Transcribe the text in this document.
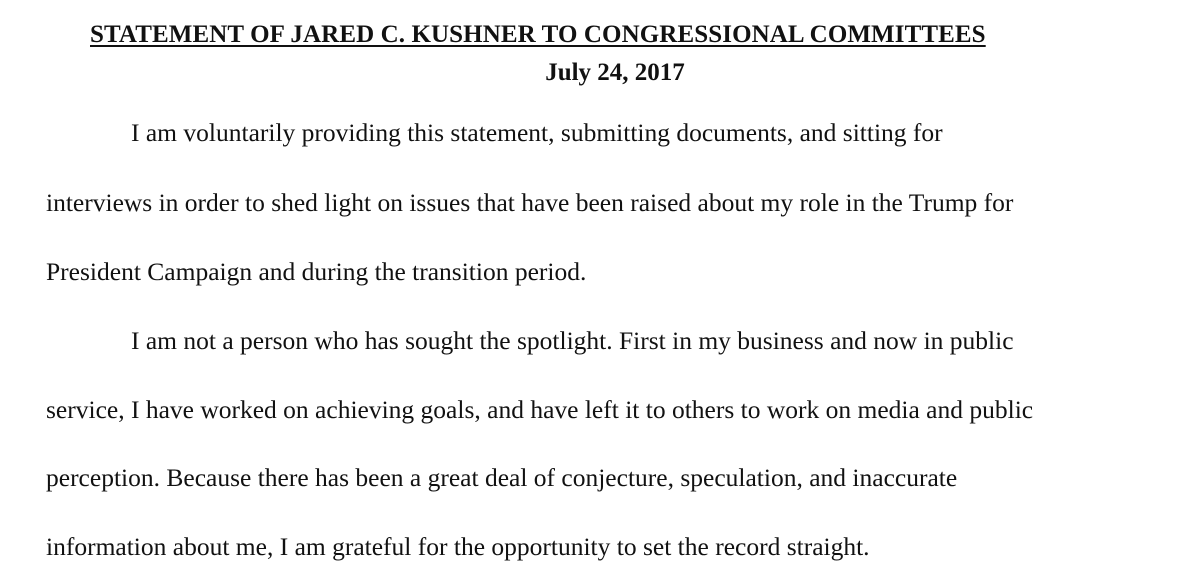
STATEMENT OF JARED C. KUSHNER TO CONGRESSIONAL COMMITTEES
July 24, 2017
I am voluntarily providing this statement, submitting documents, and sitting for
interviews in order to shed light on issues that have been raised about my role in the Trump for
President Campaign and during the transition period.
I am not a person who has sought the spotlight. First in my business and now in public
service, I have worked on achieving goals, and have left it to others to work on media and public
perception. Because there has been a great deal of conjecture, speculation, and inaccurate
information about me, I am grateful for the opportunity to set the record straight.
